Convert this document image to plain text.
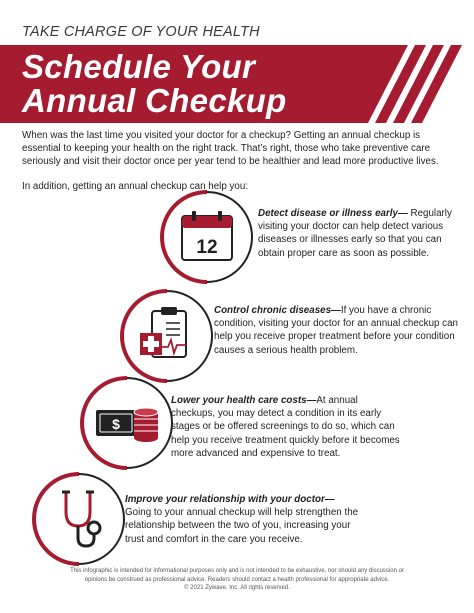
TAKE CHARGE OF YOUR HEALTH
Schedule Your
Annual Checkup
When was the last time you visited your doctor for a checkup? Getting an annual checkup is essential to keeping your health on the right track. That’s right, those who take preventive care seriously and visit their doctor once per year tend to be healthier and lead more productive lives.
In addition, getting an annual checkup can help you:
12
Detect disease or illness early— Regularly visiting your doctor can help detect various diseases or illnesses early so that you can obtain proper care as soon as possible.
Control chronic diseases—If you have a chronic condition, visiting your doctor for an annual checkup can help you receive proper treatment before your condition causes a serious health problem.
$
Lower your health care costs—At annual checkups, you may detect a condition in its early stages or be offered screenings to do so, which can help you receive treatment quickly before it becomes more advanced and expensive to treat.
Improve your relationship with your doctor— Going to your annual checkup will help strengthen the relationship between the two of you, increasing your trust and comfort in the care you receive.
This infographic is intended for informational purposes only and is not intended to be exhaustive, nor should any discussion or
opinions be construed as professional advice. Readers should contact a health professional for appropriate advice.
© 2021 Zywave, Inc. All rights reserved.
